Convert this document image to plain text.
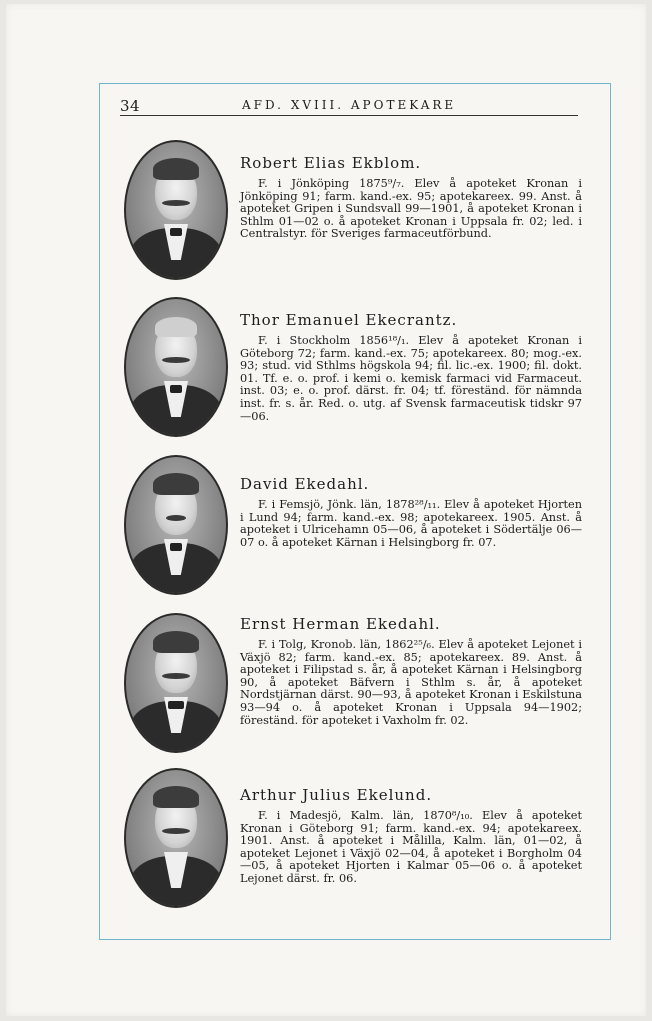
34	AFD. XVIII. APOTEKARE
Robert Elias Ekblom.

F. i Jönköping 1875⁹/₇. Elev å apoteket Kronan i Jönköping 91; farm. kand.-ex. 95; apotekareex. 99. Anst. å apoteket Gripen i Sundsvall 99—1901, å apoteket Kronan i Sthlm 01—02 o. å apoteket Kronan i Uppsala fr. 02; led. i Centralstyr. för Sveriges farmaceutförbund.

Thor Emanuel Ekecrantz.

F. i Stockholm 1856¹⁸/₁. Elev å apoteket Kronan i Göteborg 72; farm. kand.-ex. 75; apotekareex. 80; mog.-ex. 93; stud. vid Sthlms högskola 94; fil. lic.-ex. 1900; fil. dokt. 01. Tf. e. o. prof. i kemi o. kemisk farmaci vid Farmaceut. inst. 03; e. o. prof. därst. fr. 04; tf. föreständ. för nämnda inst. fr. s. år. Red. o. utg. af Svensk farmaceutisk tidskr 97—06.

David Ekedahl.

F. i Femsjö, Jönk. län, 1878²⁸/₁₁. Elev å apoteket Hjorten i Lund 94; farm. kand.-ex. 98; apotekareex. 1905. Anst. å apoteket i Ulricehamn 05—06, å apoteket i Södertälje 06—07 o. å apoteket Kärnan i Helsingborg fr. 07.

Ernst Herman Ekedahl.

F. i Tolg, Kronob. län, 1862²⁵/₆. Elev å apoteket Lejonet i Växjö 82; farm. kand.-ex. 85; apotekareex. 89. Anst. å apoteket i Filipstad s. år, å apoteket Kärnan i Helsingborg 90, å apoteket Bäfvern i Sthlm s. år, å apoteket Nordstjärnan därst. 90—93, å apoteket Kronan i Eskilstuna 93—94 o. å apoteket Kronan i Uppsala 94—1902; föreständ. för apoteket i Vaxholm fr. 02.

Arthur Julius Ekelund.

F. i Madesjö, Kalm. län, 1870⁸/₁₀. Elev å apoteket Kronan i Göteborg 91; farm. kand.-ex. 94; apotekareex. 1901. Anst. å apoteket i Målilla, Kalm. län, 01—02, å apoteket Lejonet i Växjö 02—04, å apoteket i Borgholm 04—05, å apoteket Hjorten i Kalmar 05—06 o. å apoteket Lejonet därst. fr. 06.
